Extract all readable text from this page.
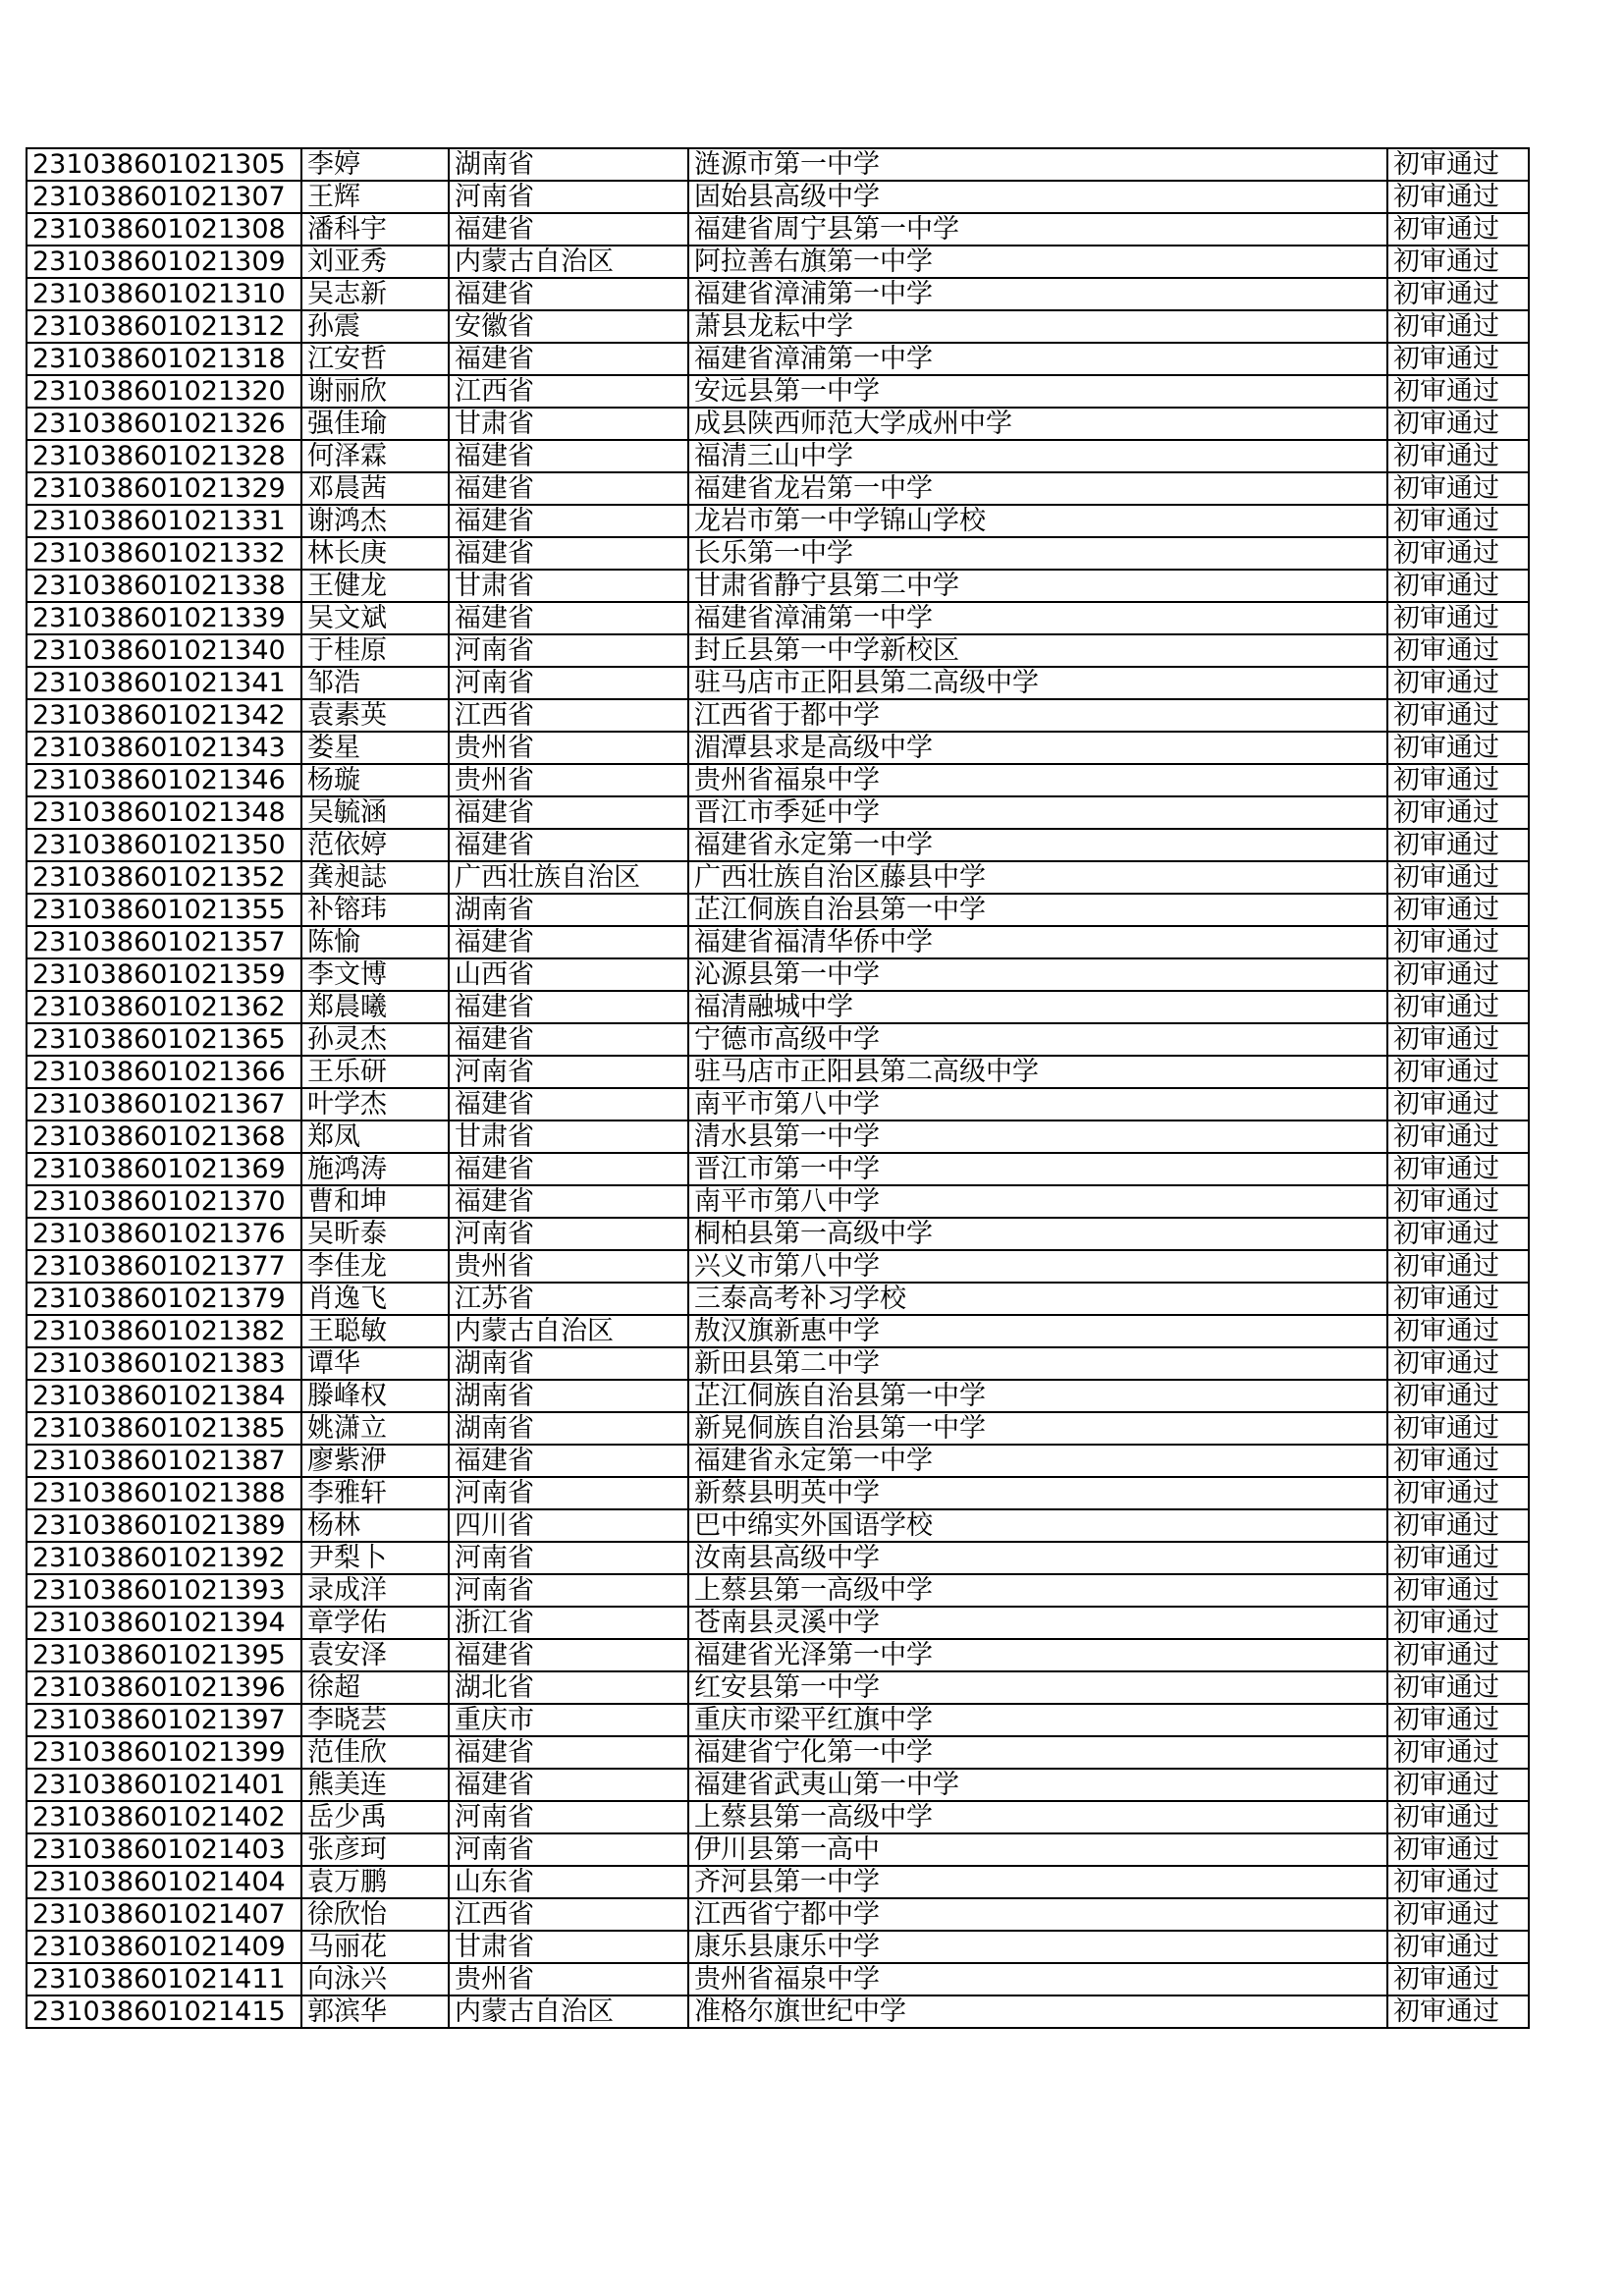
231038601021305	李婷	湖南省	涟源市第一中学	初审通过
231038601021307	王辉	河南省	固始县高级中学	初审通过
231038601021308	潘科宇	福建省	福建省周宁县第一中学	初审通过
231038601021309	刘亚秀	内蒙古自治区	阿拉善右旗第一中学	初审通过
231038601021310	吴志新	福建省	福建省漳浦第一中学	初审通过
231038601021312	孙震	安徽省	萧县龙耘中学	初审通过
231038601021318	江安哲	福建省	福建省漳浦第一中学	初审通过
231038601021320	谢丽欣	江西省	安远县第一中学	初审通过
231038601021326	强佳瑜	甘肃省	成县陕西师范大学成州中学	初审通过
231038601021328	何泽霖	福建省	福清三山中学	初审通过
231038601021329	邓晨茜	福建省	福建省龙岩第一中学	初审通过
231038601021331	谢鸿杰	福建省	龙岩市第一中学锦山学校	初审通过
231038601021332	林长庚	福建省	长乐第一中学	初审通过
231038601021338	王健龙	甘肃省	甘肃省静宁县第二中学	初审通过
231038601021339	吴文斌	福建省	福建省漳浦第一中学	初审通过
231038601021340	于桂原	河南省	封丘县第一中学新校区	初审通过
231038601021341	邹浩	河南省	驻马店市正阳县第二高级中学	初审通过
231038601021342	袁素英	江西省	江西省于都中学	初审通过
231038601021343	娄星	贵州省	湄潭县求是高级中学	初审通过
231038601021346	杨璇	贵州省	贵州省福泉中学	初审通过
231038601021348	吴毓涵	福建省	晋江市季延中学	初审通过
231038601021350	范依婷	福建省	福建省永定第一中学	初审通过
231038601021352	龚昶誌	广西壮族自治区	广西壮族自治区藤县中学	初审通过
231038601021355	补镕玮	湖南省	芷江侗族自治县第一中学	初审通过
231038601021357	陈愉	福建省	福建省福清华侨中学	初审通过
231038601021359	李文博	山西省	沁源县第一中学	初审通过
231038601021362	郑晨曦	福建省	福清融城中学	初审通过
231038601021365	孙灵杰	福建省	宁德市高级中学	初审通过
231038601021366	王乐研	河南省	驻马店市正阳县第二高级中学	初审通过
231038601021367	叶学杰	福建省	南平市第八中学	初审通过
231038601021368	郑凤	甘肃省	清水县第一中学	初审通过
231038601021369	施鸿涛	福建省	晋江市第一中学	初审通过
231038601021370	曹和坤	福建省	南平市第八中学	初审通过
231038601021376	吴昕泰	河南省	桐柏县第一高级中学	初审通过
231038601021377	李佳龙	贵州省	兴义市第八中学	初审通过
231038601021379	肖逸飞	江苏省	三泰高考补习学校	初审通过
231038601021382	王聪敏	内蒙古自治区	敖汉旗新惠中学	初审通过
231038601021383	谭华	湖南省	新田县第二中学	初审通过
231038601021384	滕峰权	湖南省	芷江侗族自治县第一中学	初审通过
231038601021385	姚潇立	湖南省	新晃侗族自治县第一中学	初审通过
231038601021387	廖紫洢	福建省	福建省永定第一中学	初审通过
231038601021388	李雅轩	河南省	新蔡县明英中学	初审通过
231038601021389	杨林	四川省	巴中绵实外国语学校	初审通过
231038601021392	尹梨卜	河南省	汝南县高级中学	初审通过
231038601021393	录成洋	河南省	上蔡县第一高级中学	初审通过
231038601021394	章学佑	浙江省	苍南县灵溪中学	初审通过
231038601021395	袁安泽	福建省	福建省光泽第一中学	初审通过
231038601021396	徐超	湖北省	红安县第一中学	初审通过
231038601021397	李晓芸	重庆市	重庆市梁平红旗中学	初审通过
231038601021399	范佳欣	福建省	福建省宁化第一中学	初审通过
231038601021401	熊美连	福建省	福建省武夷山第一中学	初审通过
231038601021402	岳少禹	河南省	上蔡县第一高级中学	初审通过
231038601021403	张彦珂	河南省	伊川县第一高中	初审通过
231038601021404	袁万鹏	山东省	齐河县第一中学	初审通过
231038601021407	徐欣怡	江西省	江西省宁都中学	初审通过
231038601021409	马丽花	甘肃省	康乐县康乐中学	初审通过
231038601021411	向泳兴	贵州省	贵州省福泉中学	初审通过
231038601021415	郭滨华	内蒙古自治区	准格尔旗世纪中学	初审通过
